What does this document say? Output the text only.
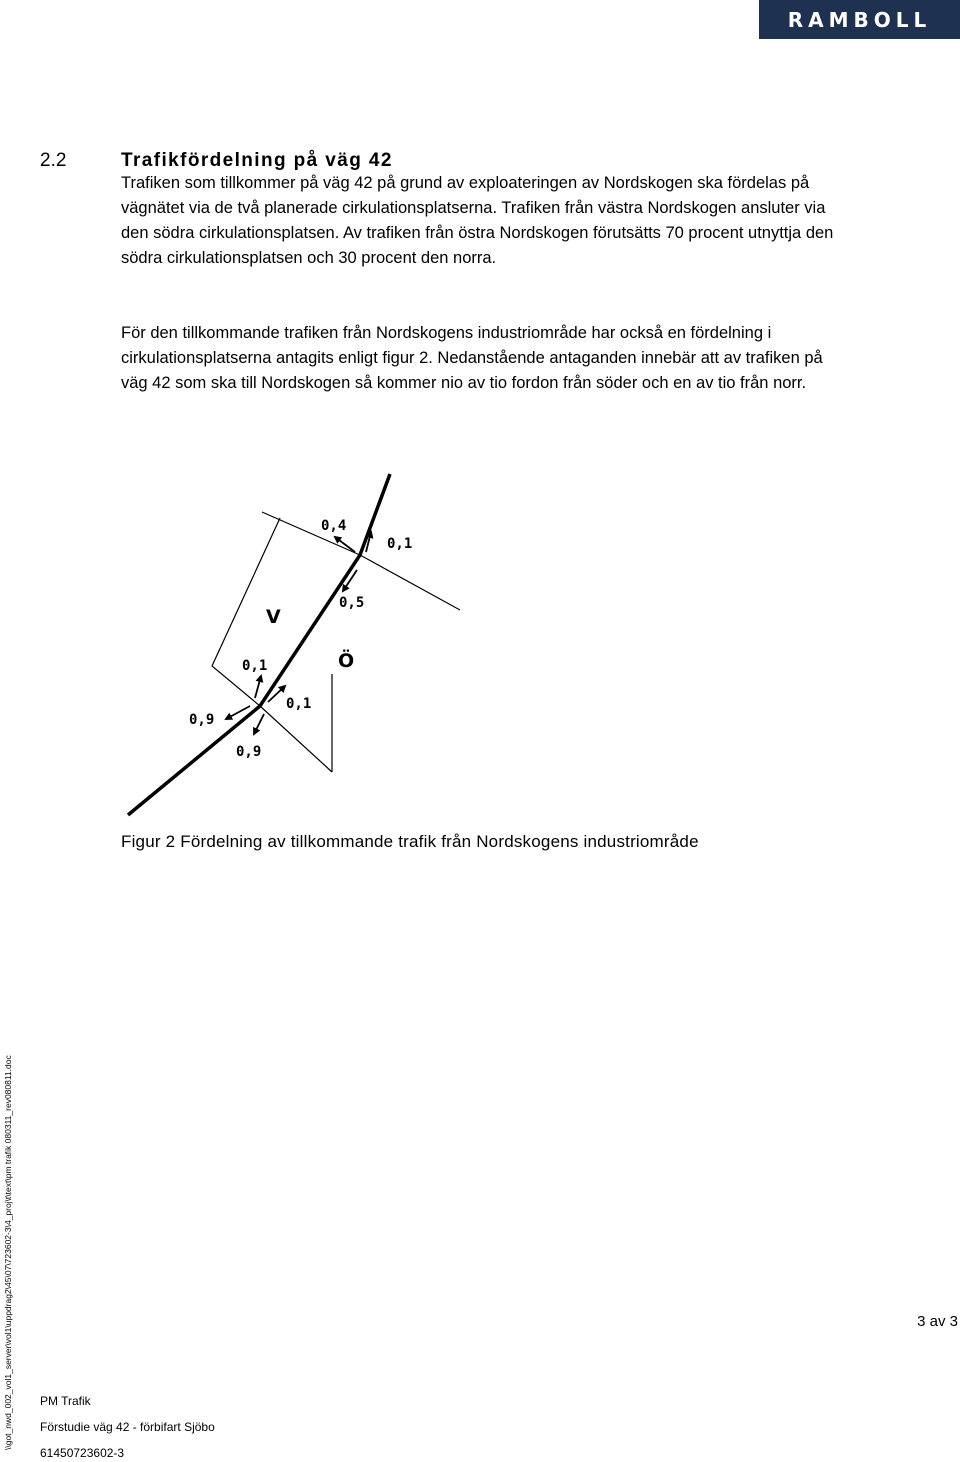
RAMBOLL
2.2	Trafikfördelning på väg 42

Trafiken som tillkommer på väg 42 på grund av exploateringen av Nordskogen ska fördelas på vägnätet via de två planerade cirkulationsplatserna. Trafiken från västra Nordskogen ansluter via den södra cirkulationsplatsen. Av trafiken från östra Nordskogen förutsätts 70 procent utnyttja den södra cirkulationsplatsen och 30 procent den norra.

För den tillkommande trafiken från Nordskogens industriområde har också en fördelning i cirkulationsplatserna antagits enligt figur 2. Nedanstående antaganden innebär att av trafiken på väg 42 som ska till Nordskogen så kommer nio av tio fordon från söder och en av tio från norr.

0,4
0,1
0,5
V
Ö
0,1
0,9
0,1
0,9
Figur 2 Fördelning av tillkommande trafik från Nordskogens industriområde
\\got_nwd_002_vol1_server\vol1\uppdrag2\45\07\723602-3\4_proj\t\text\pm trafik 080311_rev080811.doc	3 av 3
PM Trafik
Förstudie väg 42 - förbifart Sjöbo
61450723602-3
